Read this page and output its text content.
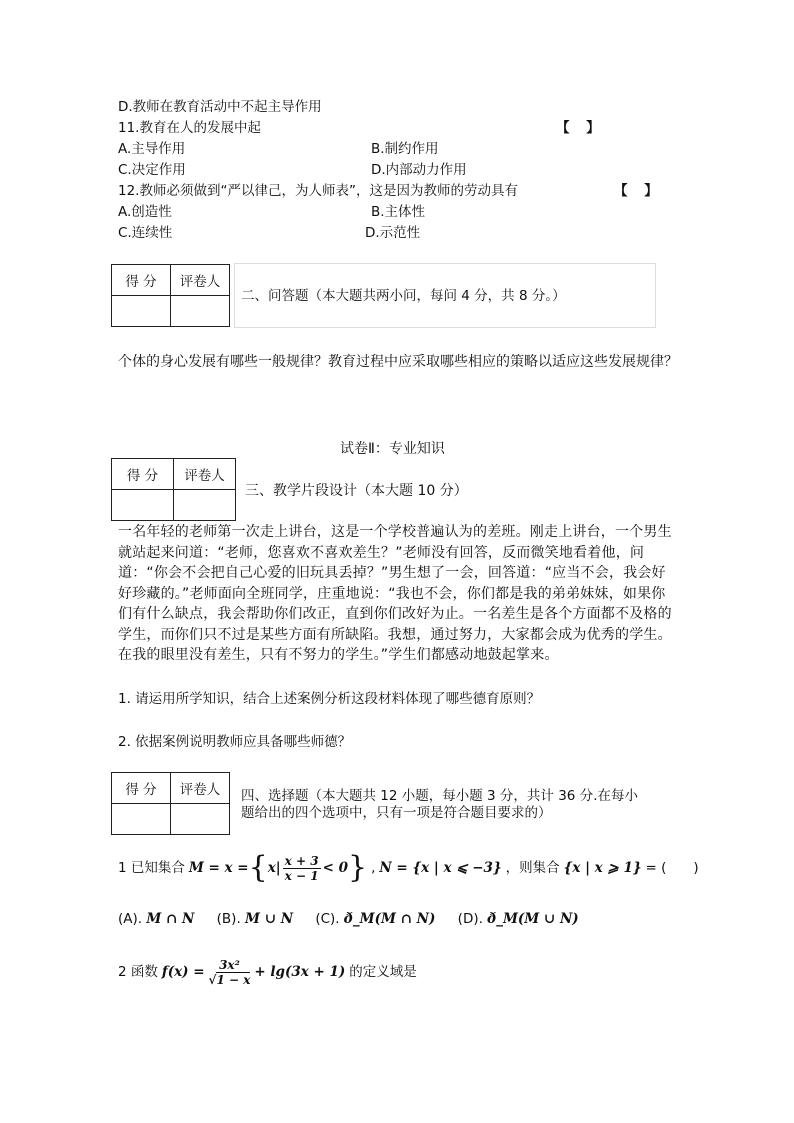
D.教师在教育活动中不起主导作用
11.教育在人的发展中起	【 】
A.主导作用	B.制约作用
C.决定作用	D.内部动力作用
12.教师必须做到“严以律己，为人师表”，这是因为教师的劳动具有	【 】
A.创造性	B.主体性
C.连续性	D.示范性
得 分	评卷人

二、问答题（本大题共两小问，每问 4 分，共 8 分。）
个体的身心发展有哪些一般规律？教育过程中应采取哪些相应的策略以适应这些发展规律？
试卷Ⅱ：专业知识
得 分	评卷人

三、教学片段设计（本大题 10 分）
一名年轻的老师第一次走上讲台，这是一个学校普遍认为的差班。刚走上讲台，一个男生就站起来问道：“老师，您喜欢不喜欢差生？”老师没有回答，反而微笑地看着他，问道：“你会不会把自己心爱的旧玩具丢掉？”男生想了一会，回答道：“应当不会，我会好好珍藏的。”老师面向全班同学，庄重地说：“我也不会，你们都是我的弟弟妹妹，如果你们有什么缺点，我会帮助你们改正，直到你们改好为止。一名差生是各个方面都不及格的学生，而你们只不过是某些方面有所缺陷。我想，通过努力，大家都会成为优秀的学生。在我的眼里没有差生，只有不努力的学生。”学生们都感动地鼓起掌来。
1. 请运用所学知识，结合上述案例分析这段材料体现了哪些德育原则？
2. 依据案例说明教师应具备哪些师德？
得 分	评卷人
	四、选择题（本大题共 12 小题，每小题 3 分，共计 36 分.在每小
题给出的四个选项中，只有一项是符合题目要求的）
1 已知集合 M = x = { $x| \frac{x + 3}{x - 1} < 0$ } , N = {x | x ⩽ −3} ，则集合 {x | x ⩾ 1} = (　　)
(A). M ∩ N (B). M ∪ N (C). ð_M(M ∩ N) (D). ð_M(M ∪ N)
2 函数 $f(x) = \frac{\text{3x²}}{√1 - x} + \lg(3x + 1)$ 的定义域是
